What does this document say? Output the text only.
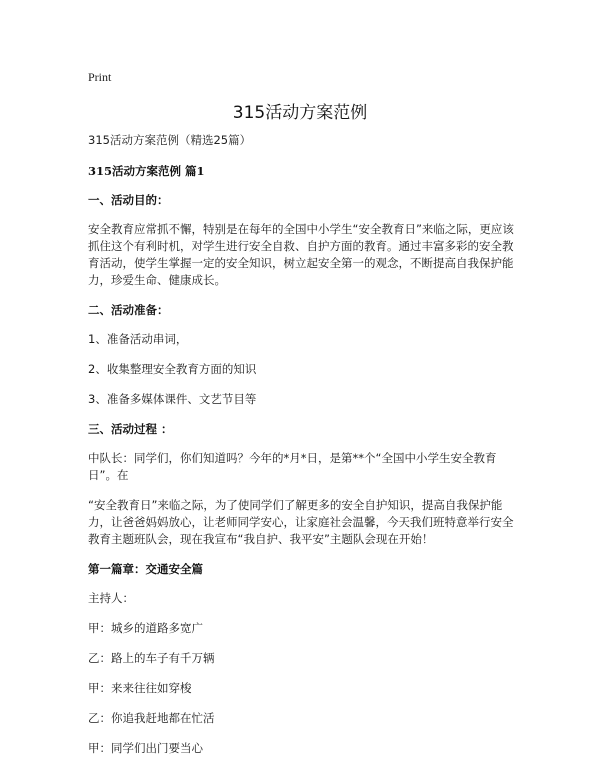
Print
315活动方案范例

315活动方案范例（精选25篇）

315活动方案范例 篇1
一、活动目的：

安全教育应常抓不懈，特别是在每年的全国中小学生“安全教育日”来临之际，更应该抓住这个有利时机，对学生进行安全自救、自护方面的教育。通过丰富多彩的安全教育活动，使学生掌握一定的安全知识，树立起安全第一的观念，不断提高自我保护能力，珍爱生命、健康成长。

二、活动准备：

1、准备活动串词，

2、收集整理安全教育方面的知识

3、准备多媒体课件、文艺节目等

三、活动过程 ：

中队长：同学们，你们知道吗？今年的*月*日，是第**个“全国中小学生安全教育日”。在

“安全教育日”来临之际，为了使同学们了解更多的安全自护知识，提高自我保护能力，让爸爸妈妈放心，让老师同学安心，让家庭社会温馨，今天我们班特意举行安全教育主题班队会，现在我宣布“我自护、我平安”主题队会现在开始！

第一篇章：交通安全篇

主持人：

甲：城乡的道路多宽广

乙：路上的车子有千万辆

甲：来来往往如穿梭

乙：你追我赶地都在忙活

甲：同学们出门要当心
